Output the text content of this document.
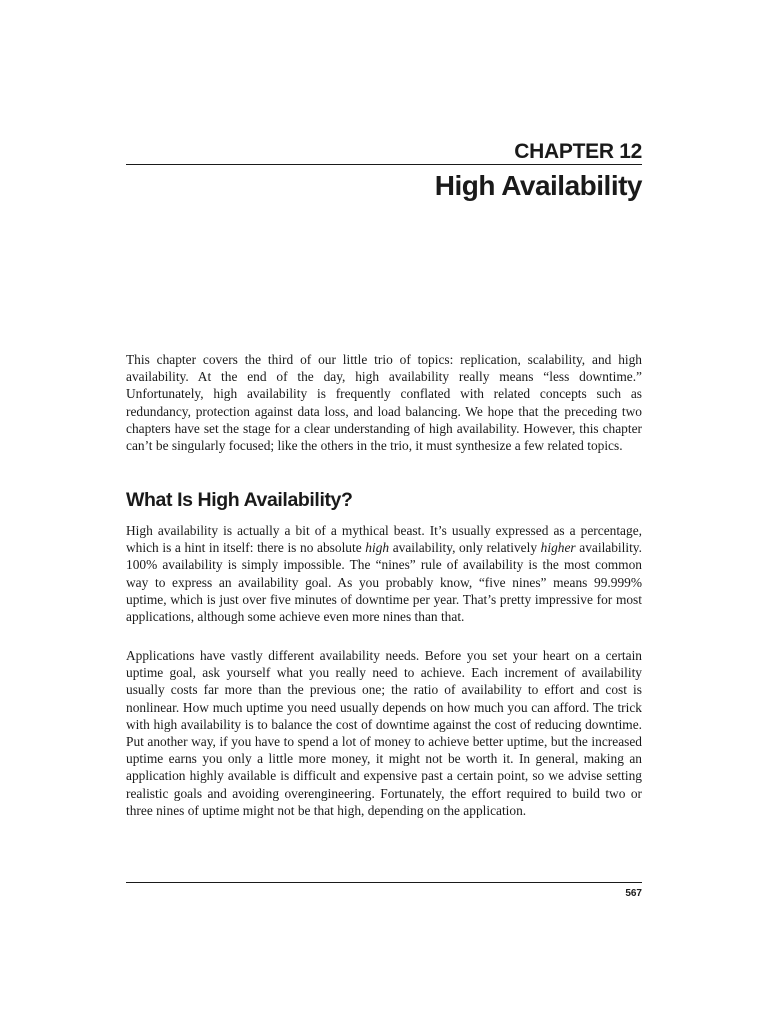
CHAPTER 12
High Availability

This chapter covers the third of our little trio of topics: replication, scalability, and high availability. At the end of the day, high availability really means “less downtime.” Unfortunately, high availability is frequently conflated with related concepts such as redundancy, protection against data loss, and load balancing. We hope that the preceding two chapters have set the stage for a clear understanding of high availability. However, this chapter can’t be singularly focused; like the others in the trio, it must synthesize a few related topics.

What Is High Availability?

High availability is actually a bit of a mythical beast. It’s usually expressed as a percentage, which is a hint in itself: there is no absolute high availability, only relatively higher availability. 100% availability is simply impossible. The “nines” rule of availability is the most common way to express an availability goal. As you probably know, “five nines” means 99.999% uptime, which is just over five minutes of downtime per year. That’s pretty impressive for most applications, although some achieve even more nines than that.

Applications have vastly different availability needs. Before you set your heart on a certain uptime goal, ask yourself what you really need to achieve. Each increment of availability usually costs far more than the previous one; the ratio of availability to effort and cost is nonlinear. How much uptime you need usually depends on how much you can afford. The trick with high availability is to balance the cost of downtime against the cost of reducing downtime. Put another way, if you have to spend a lot of money to achieve better uptime, but the increased uptime earns you only a little more money, it might not be worth it. In general, making an application highly available is difficult and expensive past a certain point, so we advise setting realistic goals and avoiding overengineering. Fortunately, the effort required to build two or three nines of uptime might not be that high, depending on the application.

567
